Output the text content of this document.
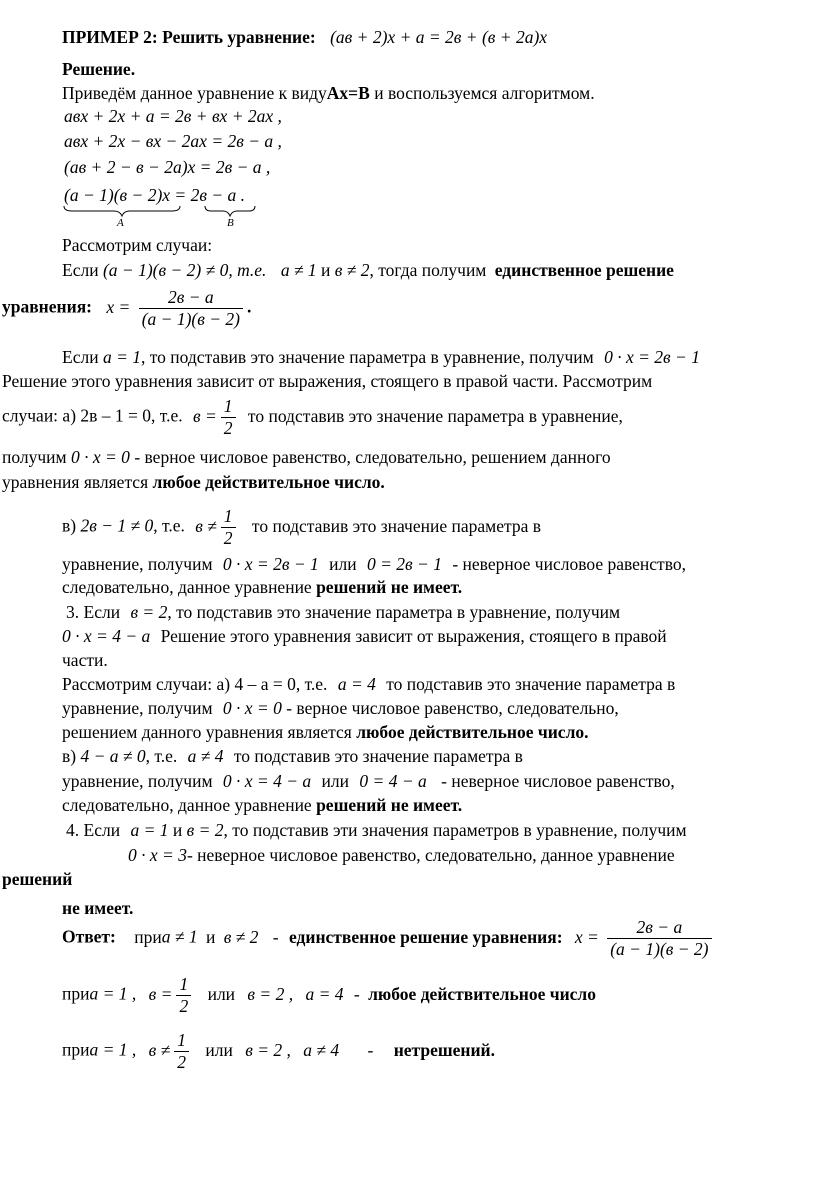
ПРИМЕР 2: Решить уравнение: (ав + 2)x + a = 2в + (в + 2a)x
Решение.
Приведём данное уравнение к видуAx=B и воспользуемся алгоритмом.
авx + 2x + a = 2в + вx + 2ax ,
авx + 2x − вx − 2ax = 2в − a ,
(ав + 2 − в − 2a)x = 2в − a ,
(a − 1)(в − 2)x = 2в − a .
A	B
Рассмотрим случаи:
Если (a − 1)(в − 2) ≠ 0, т.е. a ≠ 1 и в ≠ 2, тогда получим единственное решение
уравнения: $x = \frac{2в - a}{(a - 1)(в - 2)}$ .
Если a = 1, то подставив это значение параметра в уравнение, получим 0 · x = 2в − 1
Решение этого уравнения зависит от выражения, стоящего в правой части. Рассмотрим
случаи: а) 2в – 1 = 0, т.е. $в = \frac{1}{2}$ то подставив это значение параметра в уравнение,
получим 0 · x = 0 - верное числовое равенство, следовательно, решением данного
уравнения является любое действительное число.
в) 2в − 1 ≠ 0, т.е. $в \ne \frac{1}{2}$ то подставив это значение параметра в
уравнение, получим 0 · x = 2в − 1 или 0 = 2в − 1 - неверное числовое равенство,
следовательно, данное уравнение решений не имеет.
3. Если в = 2, то подставив это значение параметра в уравнение, получим
0 · x = 4 − a Решение этого уравнения зависит от выражения, стоящего в правой
части.
Рассмотрим случаи: а) 4 – а = 0, т.е. a = 4 то подставив это значение параметра в
уравнение, получим 0 · x = 0 - верное числовое равенство, следовательно,
решением данного уравнения является любое действительное число.
в) 4 − a ≠ 0, т.е. a ≠ 4 то подставив это значение параметра в
уравнение, получим 0 · x = 4 − a или 0 = 4 − a - неверное числовое равенство,
следовательно, данное уравнение решений не имеет.
4. Если a = 1 и в = 2, то подставив эти значения параметров в уравнение, получим
0 · x = 3- неверное числовое равенство, следовательно, данное уравнение
решений
не имеет.
Ответ: приa ≠ 1 и в ≠ 2 - единственное решение уравнения: $x = \frac{2в - a}{(a - 1)(в - 2)}$
приa = 1 , $в = \frac{1}{2}$ или в = 2 , a = 4 - любое действительное число
приa = 1 , $в \ne \frac{1}{2}$ или в = 2 , a ≠ 4 - нетрешений.
